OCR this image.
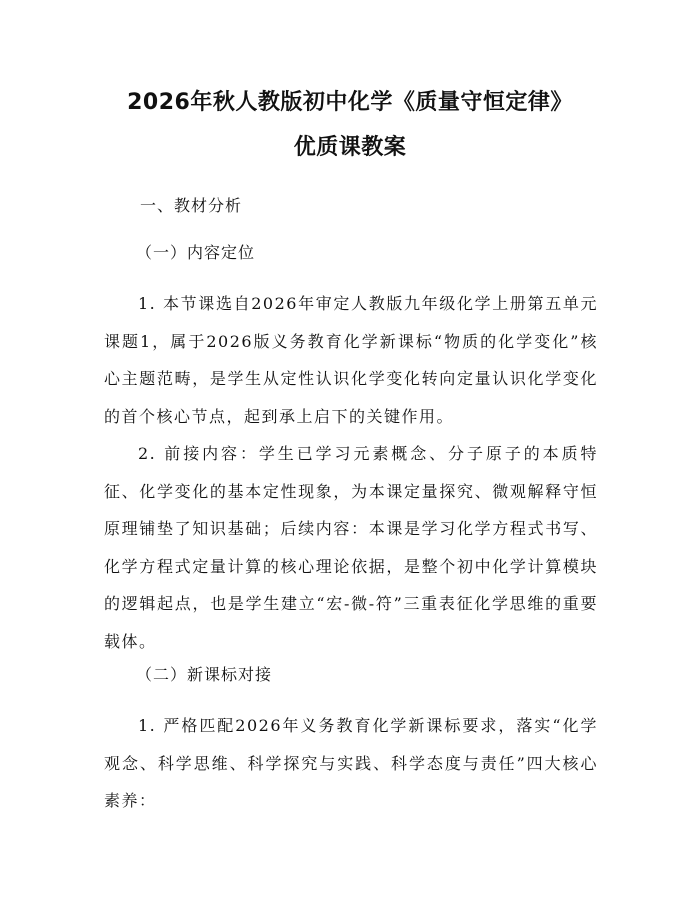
2026年秋人教版初中化学《质量守恒定律》
优质课教案
一、教材分析
（一）内容定位

1. 本节课选自2026年审定人教版九年级化学上册第五单元课题1，属于2026版义务教育化学新课标“物质的化学变化”核心主题范畴，是学生从定性认识化学变化转向定量认识化学变化的首个核心节点，起到承上启下的关键作用。

2. 前接内容：学生已学习元素概念、分子原子的本质特征、化学变化的基本定性现象，为本课定量探究、微观解释守恒原理铺垫了知识基础；后续内容：本课是学习化学方程式书写、化学方程式定量计算的核心理论依据，是整个初中化学计算模块的逻辑起点，也是学生建立“宏-微-符”三重表征化学思维的重要载体。

（二）新课标对接

1. 严格匹配2026年义务教育化学新课标要求，落实“化学观念、科学思维、科学探究与实践、科学态度与责任”四大核心素养：
